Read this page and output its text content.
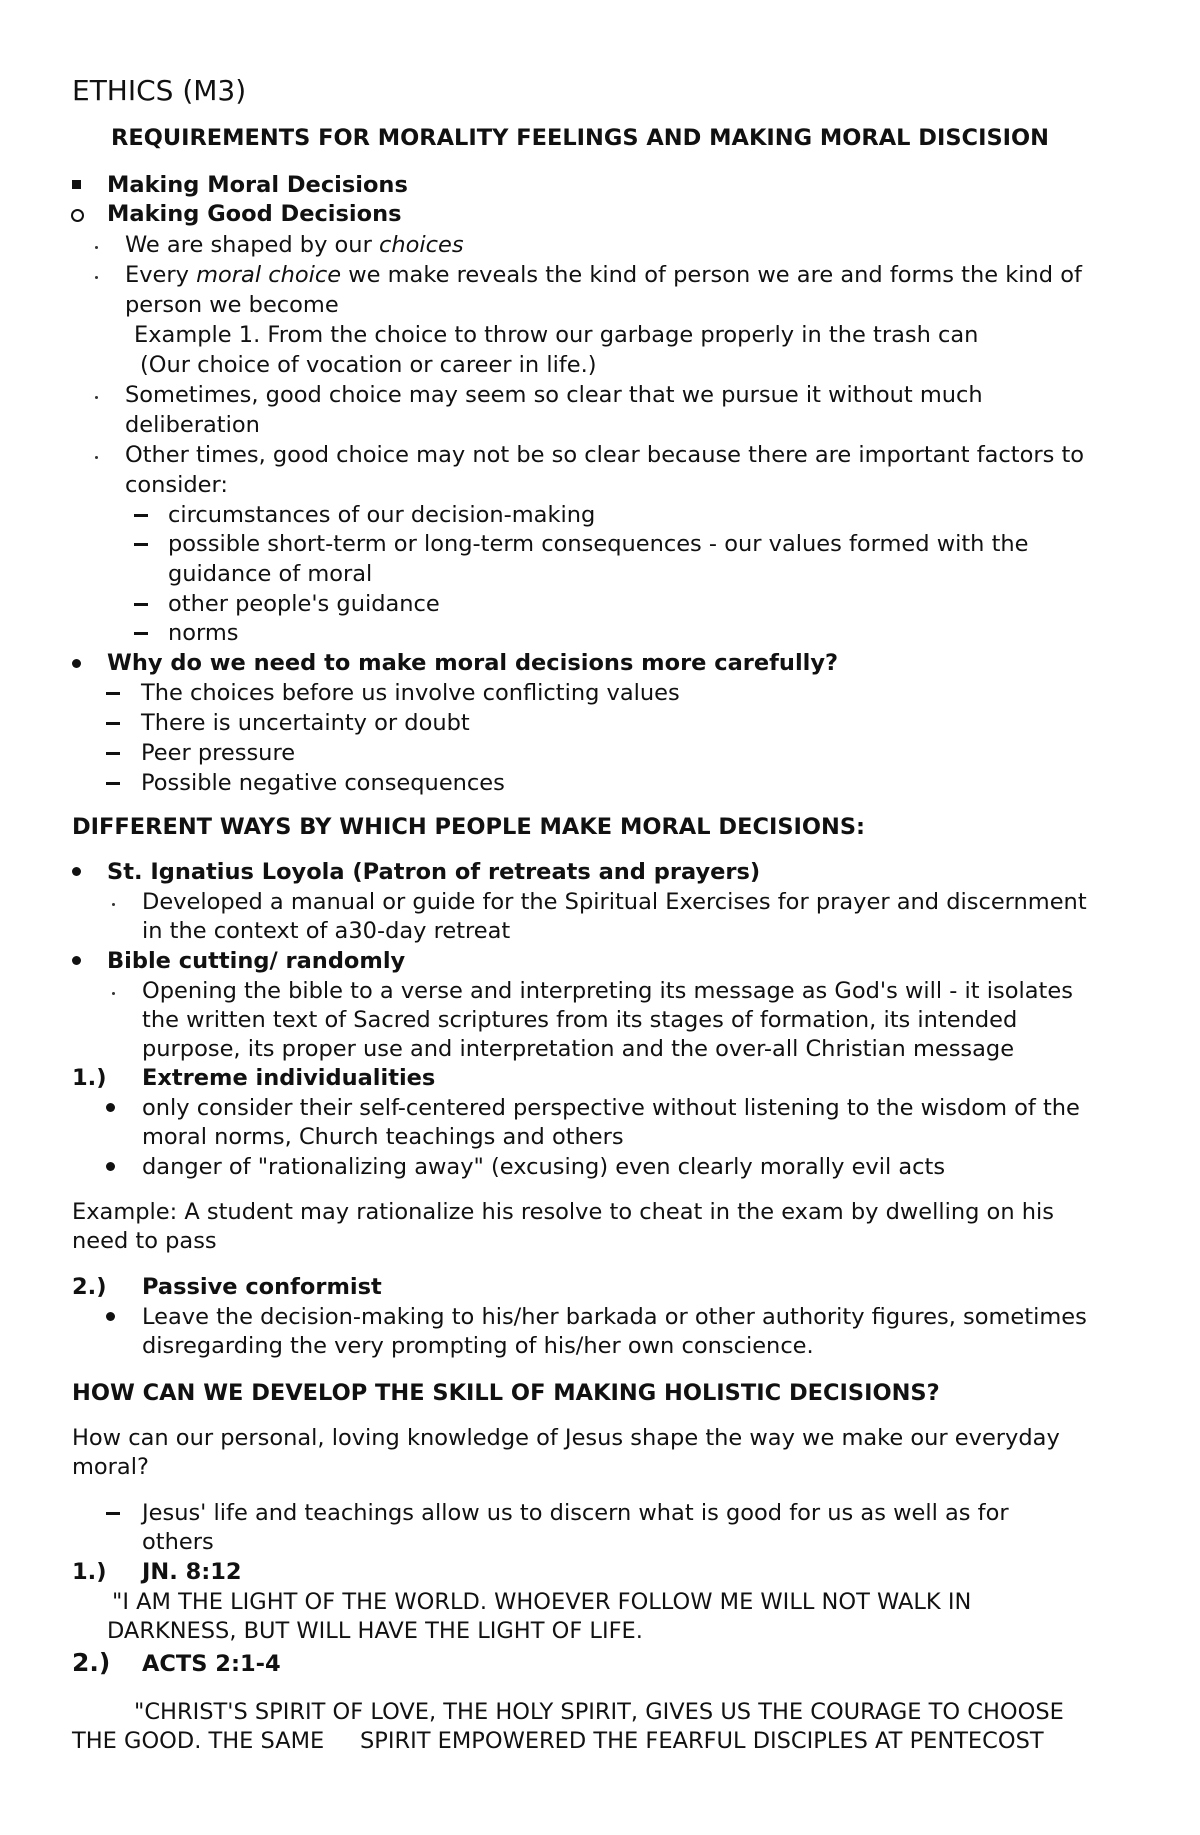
ETHICS (M3)
REQUIREMENTS FOR MORALITY FEELINGS AND MAKING MORAL DISCISION
Making Moral Decisions
Making Good Decisions
We are shaped by our choices
Every moral choice we make reveals the kind of person we are and forms the kind of
person we become
Example 1. From the choice to throw our garbage properly in the trash can
(Our choice of vocation or career in life.)
Sometimes, good choice may seem so clear that we pursue it without much
deliberation
Other times, good choice may not be so clear because there are important factors to
consider:
circumstances of our decision-making
possible short-term or long-term consequences - our values formed with the
guidance of moral
other people's guidance
norms
Why do we need to make moral decisions more carefully?
The choices before us involve conflicting values
There is uncertainty or doubt
Peer pressure
Possible negative consequences
DIFFERENT WAYS BY WHICH PEOPLE MAKE MORAL DECISIONS:
St. Ignatius Loyola (Patron of retreats and prayers)
Developed a manual or guide for the Spiritual Exercises for prayer and discernment
in the context of a30-day retreat
Bible cutting/ randomly
Opening the bible to a verse and interpreting its message as God's will - it isolates
the written text of Sacred scriptures from its stages of formation, its intended
purpose, its proper use and interpretation and the over-all Christian message
1.) Extreme individualities
only consider their self-centered perspective without listening to the wisdom of the
moral norms, Church teachings and others
danger of "rationalizing away" (excusing) even clearly morally evil acts
Example: A student may rationalize his resolve to cheat in the exam by dwelling on his
need to pass
2.) Passive conformist
Leave the decision-making to his/her barkada or other authority figures, sometimes
disregarding the very prompting of his/her own conscience.
HOW CAN WE DEVELOP THE SKILL OF MAKING HOLISTIC DECISIONS?
How can our personal, loving knowledge of Jesus shape the way we make our everyday
moral?
Jesus' life and teachings allow us to discern what is good for us as well as for
others
1.) JN. 8:12
"I AM THE LIGHT OF THE WORLD. WHOEVER FOLLOW ME WILL NOT WALK IN
DARKNESS, BUT WILL HAVE THE LIGHT OF LIFE.
2.) ACTS 2:1-4
"CHRIST'S SPIRIT OF LOVE, THE HOLY SPIRIT, GIVES US THE COURAGE TO CHOOSE
THE GOOD. THE SAME     SPIRIT EMPOWERED THE FEARFUL DISCIPLES AT PENTECOST
